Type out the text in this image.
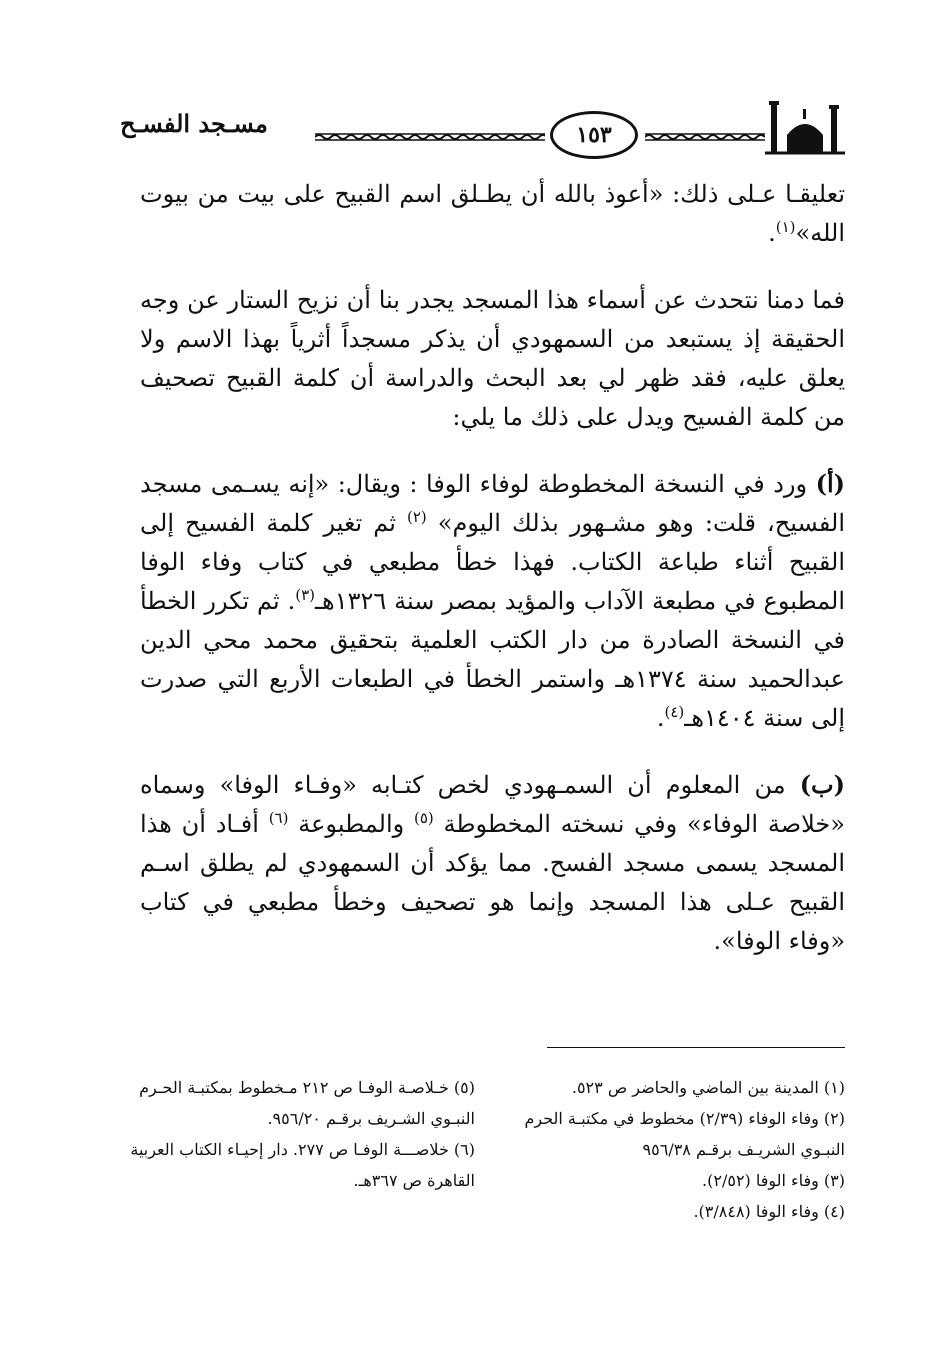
مسـجد الفسـح	١٥٣

تعليقـا عـلى ذلك: «أعوذ بالله أن يطـلق اسم القبيح على بيت من بيوت الله»$^{(١)}$.

فما دمنا نتحدث عن أسماء هذا المسجد يجدر بنا أن نزيح الستار عن وجه الحقيقة إذ يستبعد من السمهودي أن يذكر مسجداً أثرياً بهذا الاسم ولا يعلق عليه، فقد ظهر لي بعد البحث والدراسة أن كلمة القبيح تصحيف من كلمة الفسيح ويدل على ذلك ما يلي:

(أ) ورد في النسخة المخطوطة لوفاء الوفا : ويقال: «إنه يسـمى مسجد الفسيح، قلت: وهو مشـهور بذلك اليوم» $^{(٢)}$ ثم تغير كلمة الفسيح إلى القبيح أثناء طباعة الكتاب. فهذا خطأ مطبعي في كتاب وفاء الوفا المطبوع في مطبعة الآداب والمؤيد بمصر سنة ١٣٢٦هـ$^{(٣)}$. ثم تكرر الخطأ في النسخة الصادرة من دار الكتب العلمية بتحقيق محمد محي الدين عبدالحميد سنة ١٣٧٤هـ واستمر الخطأ في الطبعات الأربع التي صدرت إلى سنة ١٤٠٤هـ$^{(٤)}$.

(ب) من المعلوم أن السمـهودي لخص كتـابه «وفـاء الوفا» وسماه «خلاصة الوفاء» وفي نسخته المخطوطة $^{(٥)}$ والمطبوعة $^{(٦)}$ أفـاد أن هذا المسجد يسمى مسجد الفسح. مما يؤكد أن السمهودي لم يطلق اسـم القبيح عـلى هذا المسجد وإنما هو تصحيف وخطأ مطبعي في كتاب «وفاء الوفا».

(١) المدينة بين الماضي والحاضر ص ٥٢٣.
(٢) وفاء الوفاء (٢/٣٩) مخطوط في مكتبـة الحرم النبـوي الشريـف برقـم ٩٥٦/٣٨
(٣) وفاء الوفا (٢/٥٢).
(٤) وفاء الوفا (٣/٨٤٨).
(٥) خـلاصـة الوفـا ص ٢١٢ مـخطوط بمكتبـة الحـرم النبـوي الشـريف برقـم ٩٥٦/٢٠.
(٦) خلاصـــة الوفـا ص ٢٧٧. دار إحيـاء الكتاب العربية القاهرة ص ٣٦٧هـ.
